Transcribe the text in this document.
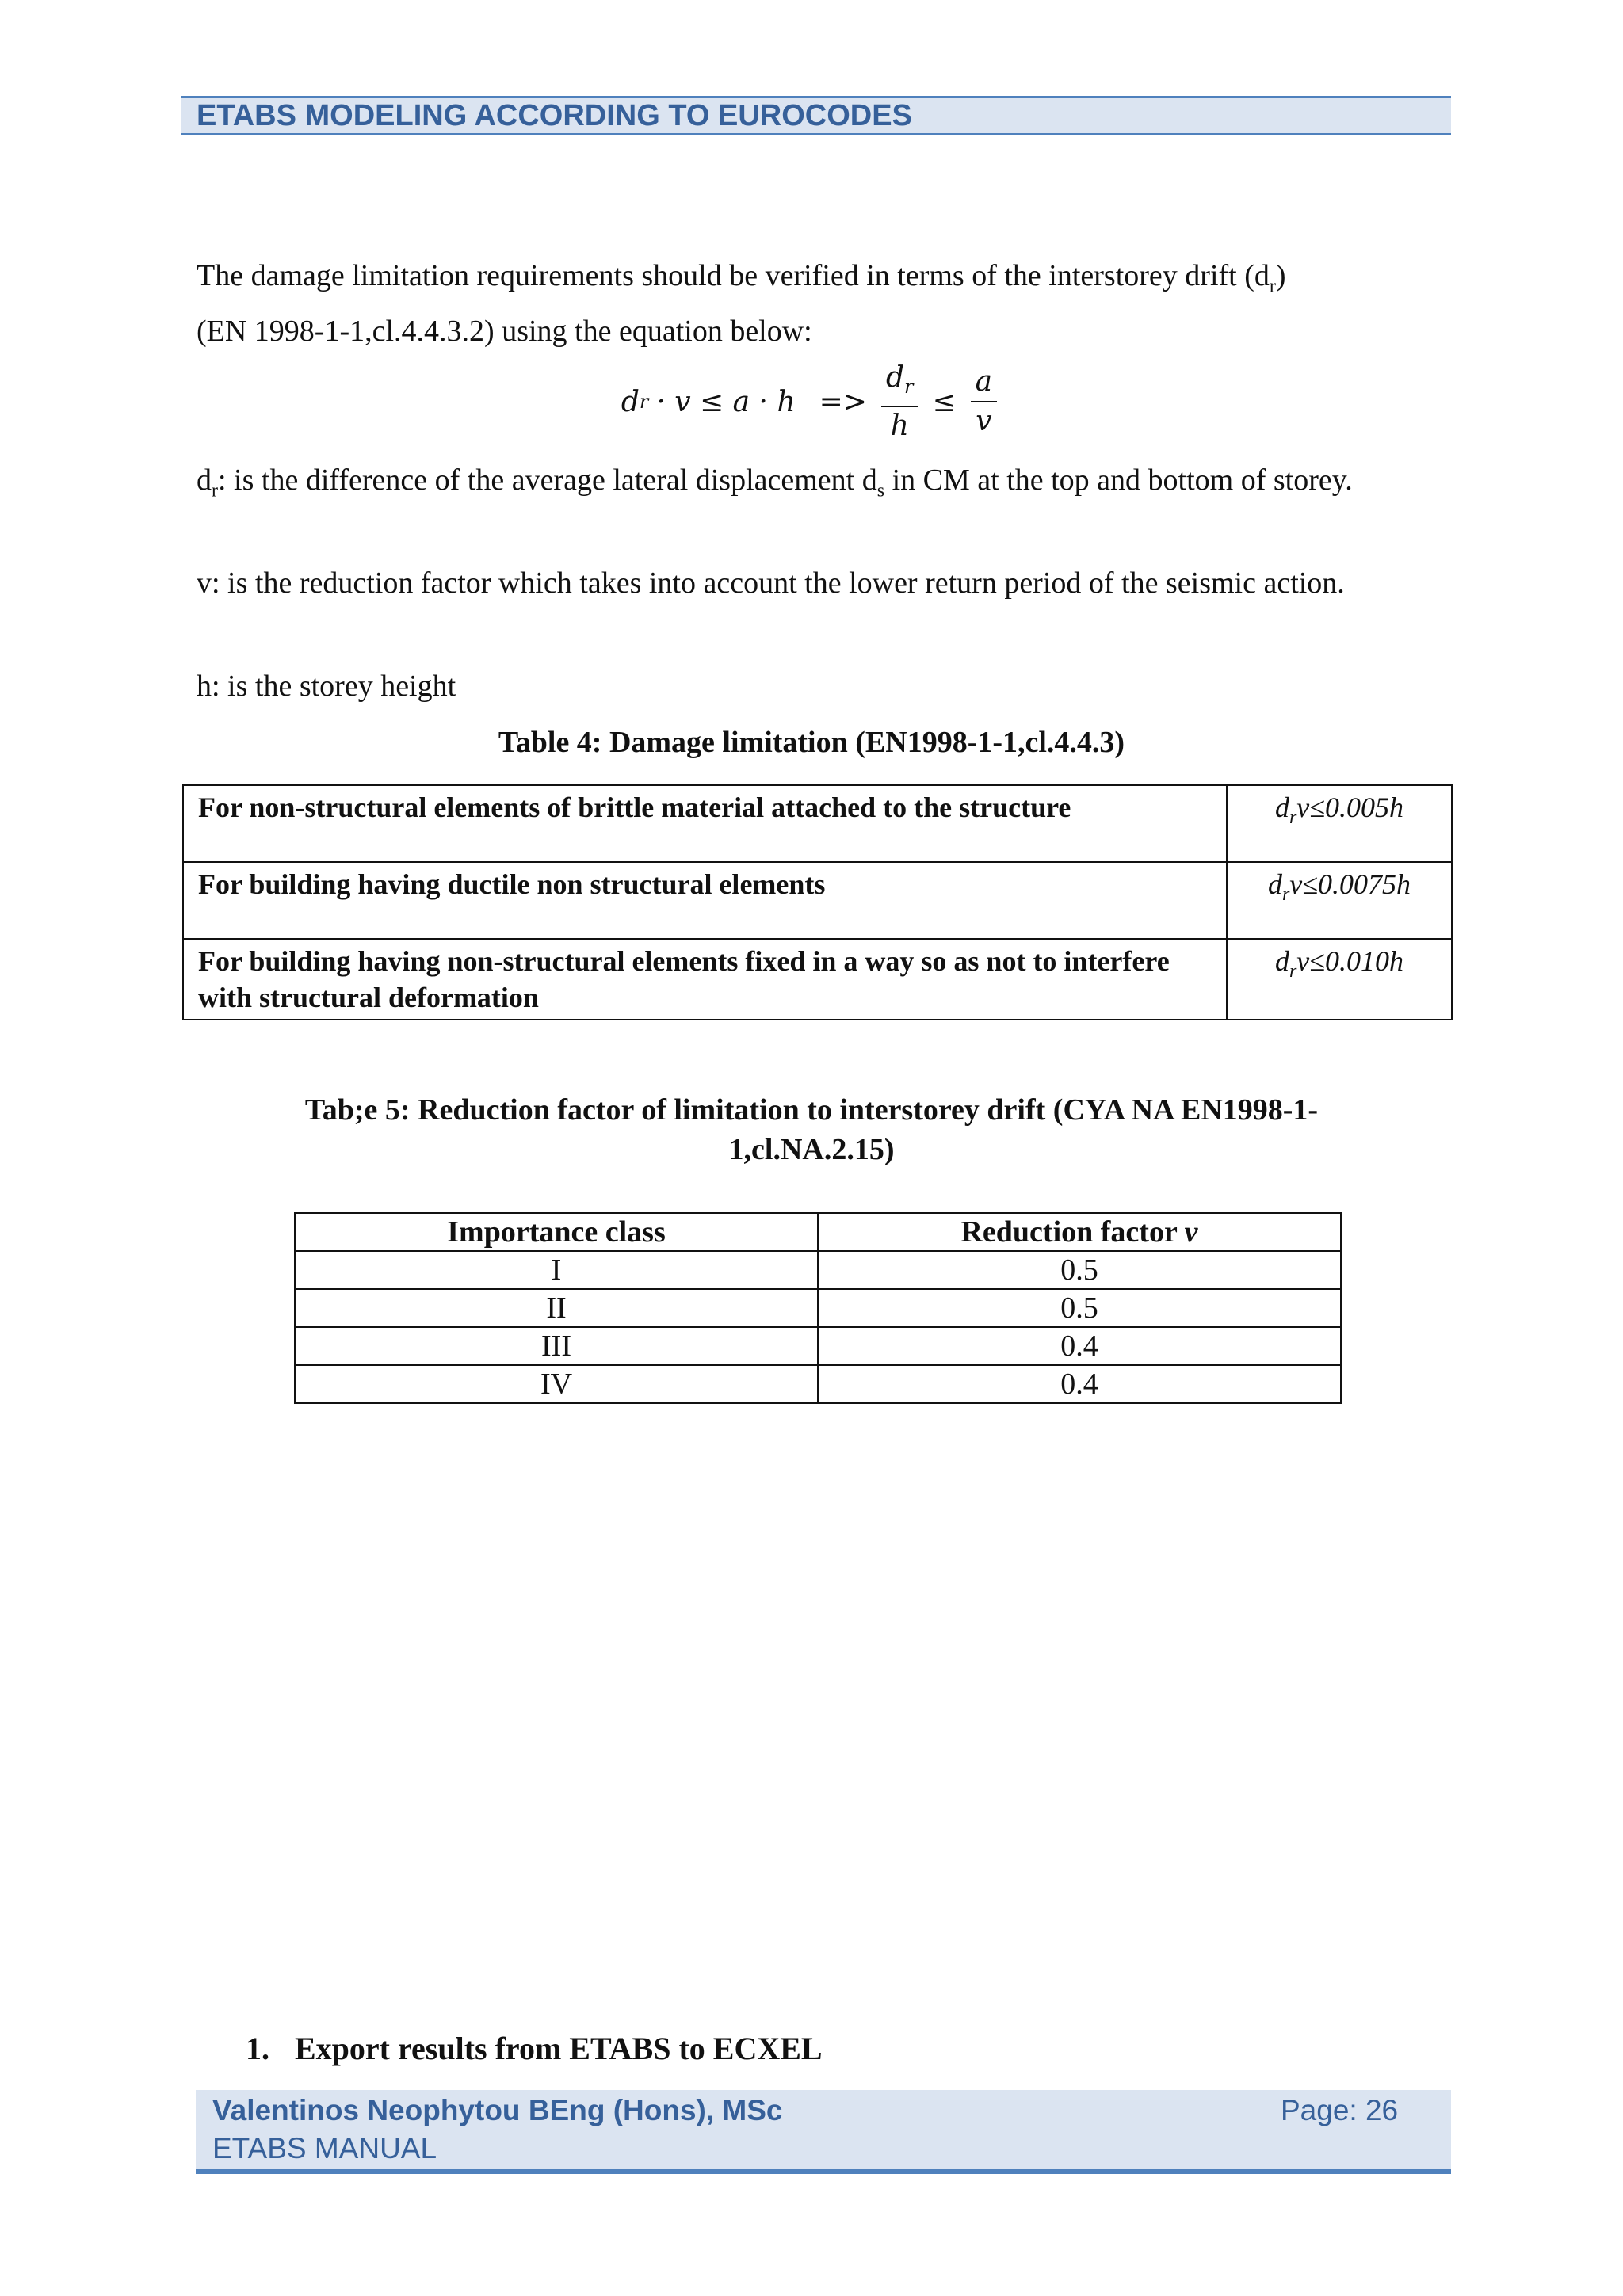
ETABS MODELING ACCORDING TO EUROCODES
The damage limitation requirements should be verified in terms of the interstorey drift $(d_r)$
(EN 1998-1-1,cl.4.4.3.2) using the equation below:
d $r \cdot v \le a \cdot h => \frac{d_r}{h} \le \frac{a}{v}$
$d_r$: is the difference of the average lateral displacement $d_s$ in CM at the top and bottom of storey.
v: is the reduction factor which takes into account the lower return period of the seismic action.
h: is the storey height
Table 4: Damage limitation (EN1998-1-1,cl.4.4.3)
For non-structural elements of brittle material attached to the structure	$d_rv\le 0.005h$
For building having ductile non structural elements	$d_rv\le 0.0075h$
For building having non-structural elements fixed in a way so as not to interfere with structural deformation	$d_rv\le 0.010h$
Tab;e 5: Reduction factor of limitation to interstorey drift (CYA NA EN1998-1-
1,cl.NA.2.15)
Importance class	Reduction factor v
I	0.5
II	0.5
III	0.4
IV	0.4
1. Export results from ETABS to ECXEL
Valentinos Neophytou BEng (Hons), MSc	Page: 26
ETABS MANUAL
